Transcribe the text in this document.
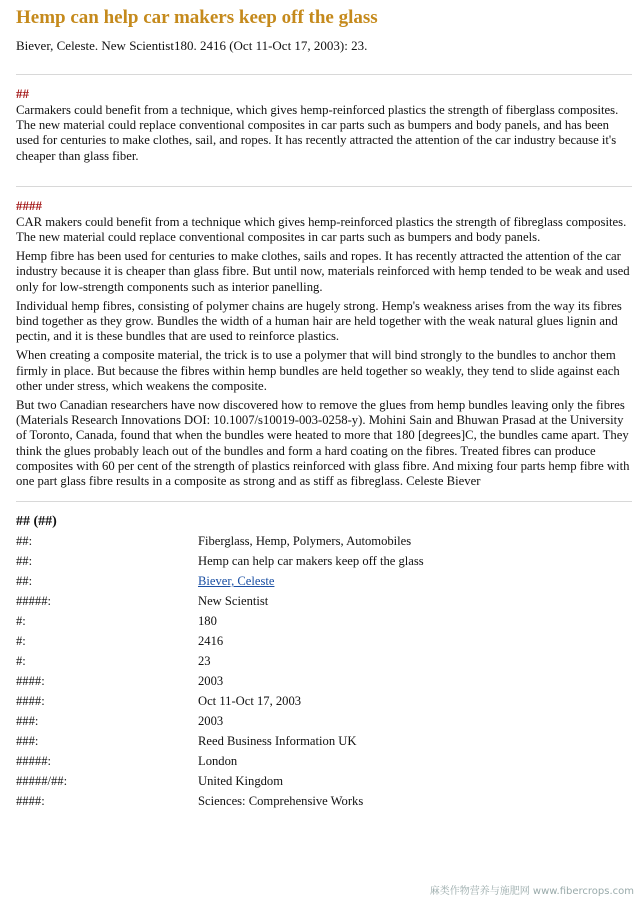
Hemp can help car makers keep off the glass
Biever, Celeste. New Scientist180. 2416 (Oct 11-Oct 17, 2003): 23.
##

Carmakers could benefit from a technique, which gives hemp-reinforced plastics the strength of fiberglass composites. The new material could replace conventional composites in car parts such as bumpers and body panels, and has been used for centuries to make clothes, sail, and ropes. It has recently attracted the attention of the car industry because it's cheaper than glass fiber.

####

CAR makers could benefit from a technique which gives hemp-reinforced plastics the strength of fibreglass composites. The new material could replace conventional composites in car parts such as bumpers and body panels.

Hemp fibre has been used for centuries to make clothes, sails and ropes. It has recently attracted the attention of the car industry because it is cheaper than glass fibre. But until now, materials reinforced with hemp tended to be weak and used only for low-strength components such as interior panelling.

Individual hemp fibres, consisting of polymer chains are hugely strong. Hemp's weakness arises from the way its fibres bind together as they grow. Bundles the width of a human hair are held together with the weak natural glues lignin and pectin, and it is these bundles that are used to reinforce plastics.

When creating a composite material, the trick is to use a polymer that will bind strongly to the bundles to anchor them firmly in place. But because the fibres within hemp bundles are held together so weakly, they tend to slide against each other under stress, which weakens the composite.

But two Canadian researchers have now discovered how to remove the glues from hemp bundles leaving only the fibres (Materials Research Innovations DOI: 10.1007/s10019-003-0258-y). Mohini Sain and Bhuwan Prasad at the University of Toronto, Canada, found that when the bundles were heated to more that 180 [degrees]C, the bundles came apart. They think the glues probably leach out of the bundles and form a hard coating on the fibres. Treated fibres can produce composites with 60 per cent of the strength of plastics reinforced with glass fibre. And mixing four parts hemp fibre with one part glass fibre results in a composite as strong and as stiff as fibreglass. Celeste Biever

## (##)
##:	Fiberglass, Hemp, Polymers, Automobiles
##:	Hemp can help car makers keep off the glass
##:	Biever, Celeste
#####:	New Scientist
#:	180
#:	2416
#:	23
####:	2003
####:	Oct 11-Oct 17, 2003
###:	2003
###:	Reed Business Information UK
#####:	London
#####/##:	United Kingdom
####:	Sciences: Comprehensive Works
麻类作物营养与施肥网 www.fibercrops.com
